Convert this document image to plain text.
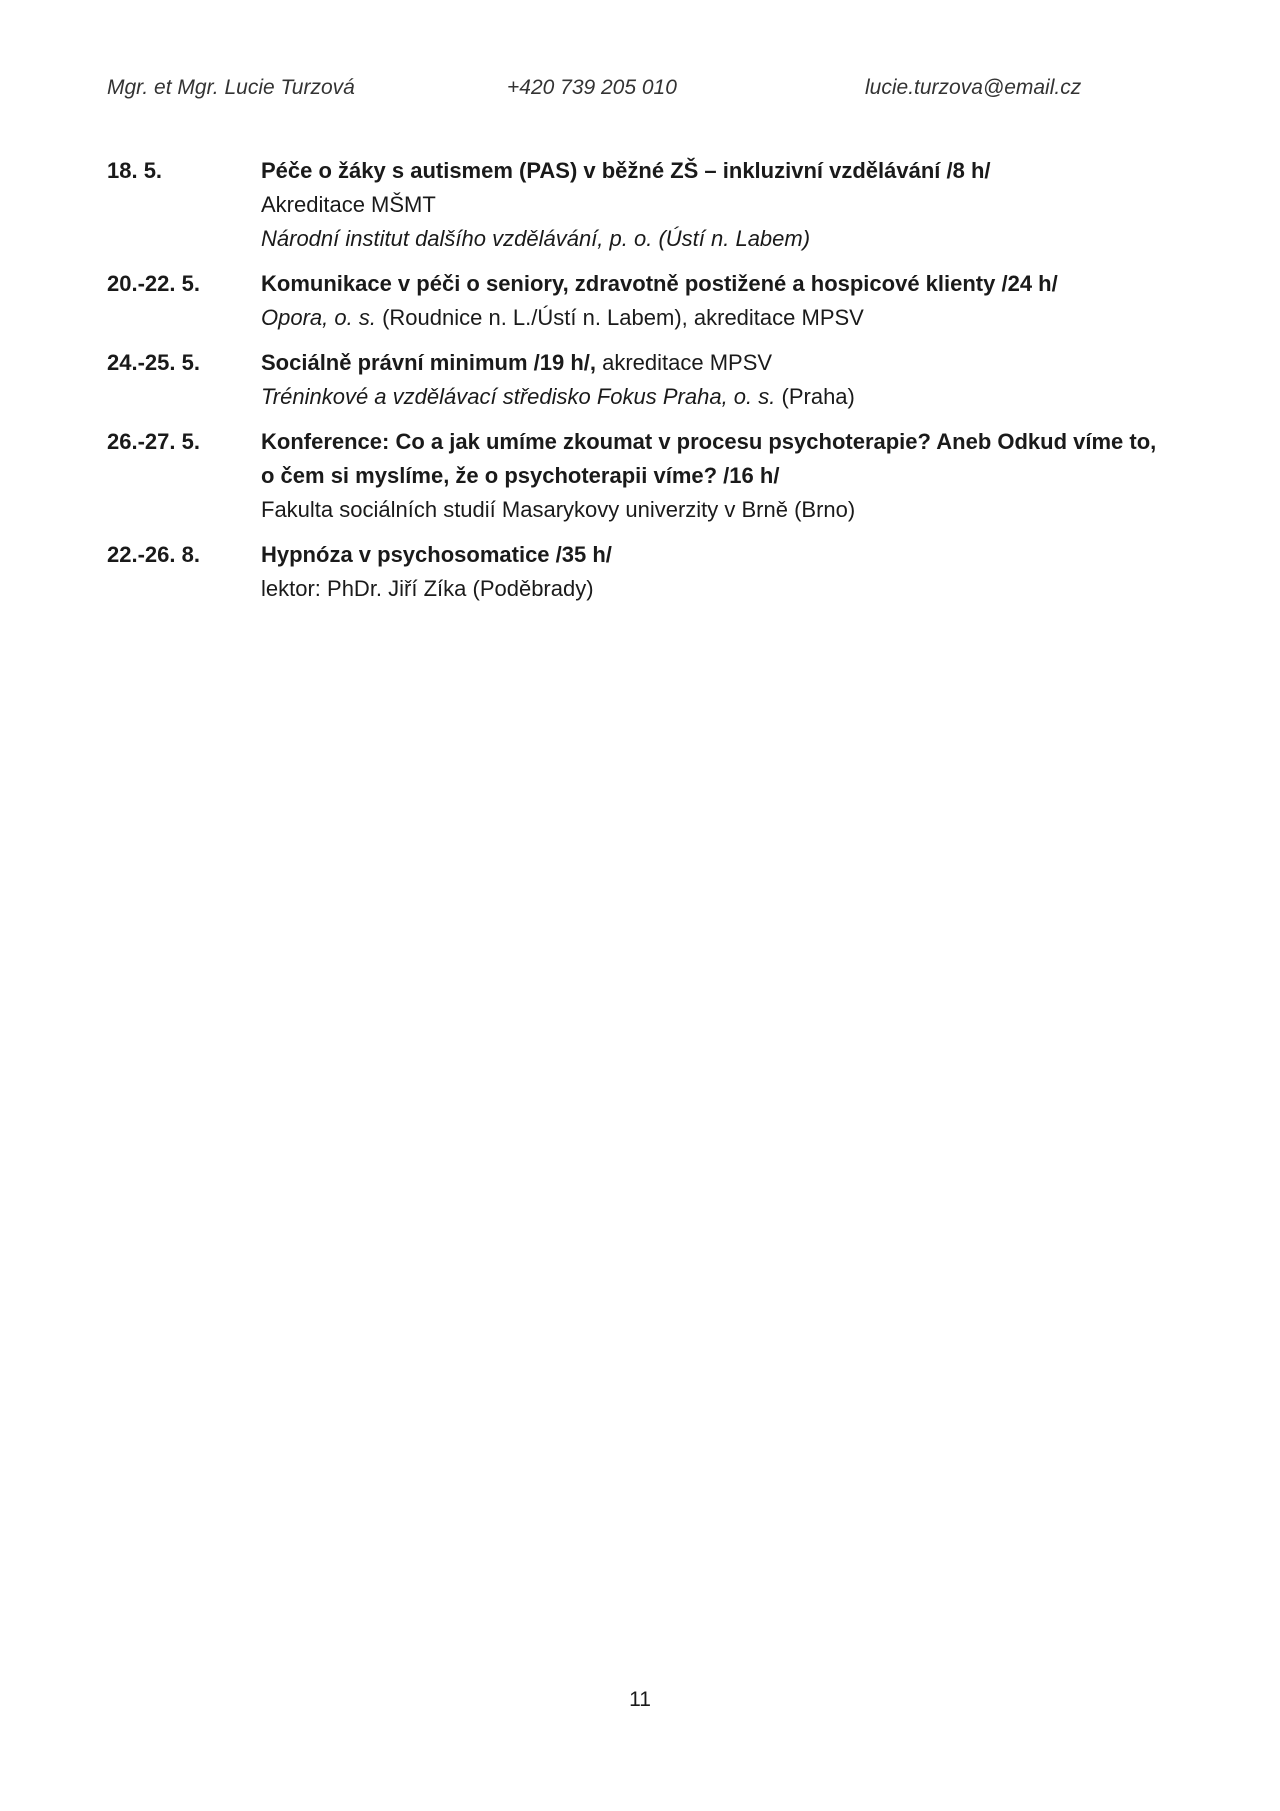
Mgr. et Mgr. Lucie Turzová	+420 739 205 010	lucie.turzova@email.cz
18. 5.	Péče o žáky s autismem (PAS) v běžné ZŠ – inkluzivní vzdělávání /8 h/
Akreditace MŠMT
Národní institut dalšího vzdělávání, p. o. (Ústí n. Labem)
20.-22. 5.	Komunikace v péči o seniory, zdravotně postižené a hospicové klienty /24 h/
Opora, o. s. (Roudnice n. L./Ústí n. Labem), akreditace MPSV
24.-25. 5.	Sociálně právní minimum /19 h/, akreditace MPSV
Tréninkové a vzdělávací středisko Fokus Praha, o. s. (Praha)
26.-27. 5.	Konference: Co a jak umíme zkoumat v procesu psychoterapie? Aneb Odkud víme to,
o čem si myslíme, že o psychoterapii víme? /16 h/
Fakulta sociálních studií Masarykovy univerzity v Brně (Brno)
22.-26. 8.	Hypnóza v psychosomatice /35 h/
lektor: PhDr. Jiří Zíka (Poděbrady)
11
